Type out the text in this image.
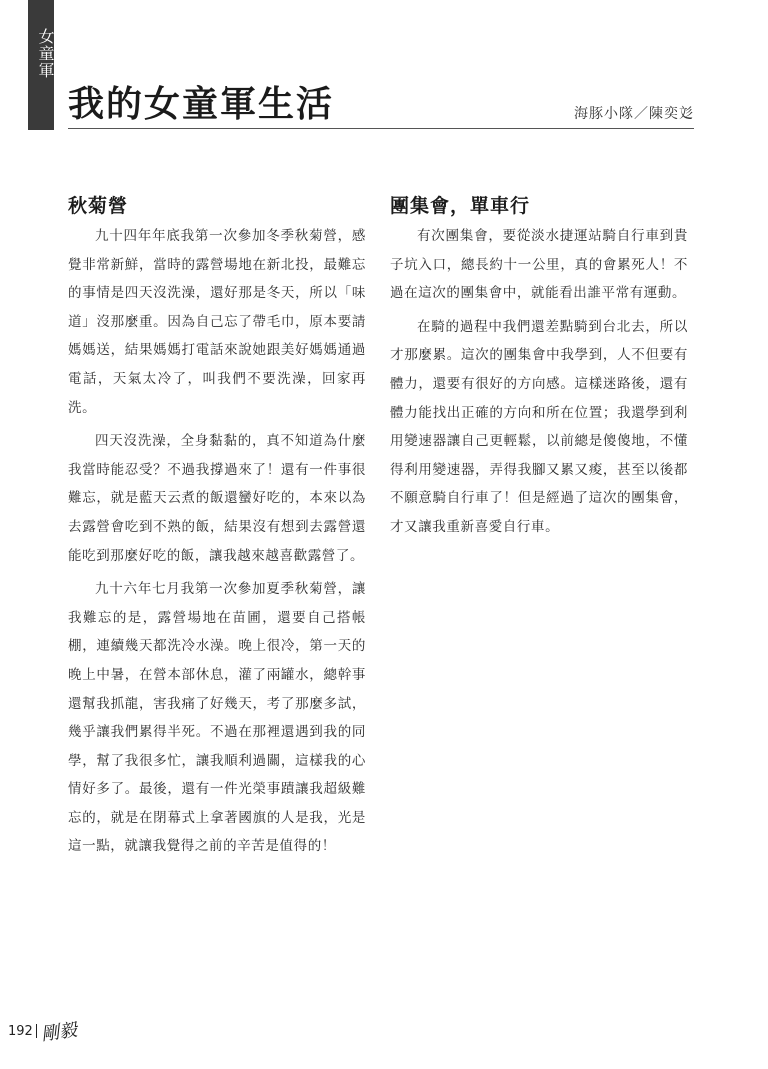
女童軍
我的女童軍生活	海豚小隊／陳奕彣
秋菊營

九十四年年底我第一次參加冬季秋菊營，感覺非常新鮮，當時的露營場地在新北投，最難忘的事情是四天沒洗澡，還好那是冬天，所以「味道」沒那麼重。因為自己忘了帶毛巾，原本要請媽媽送，結果媽媽打電話來說她跟美好媽媽通過電話，天氣太冷了，叫我們不要洗澡，回家再洗。

四天沒洗澡，全身黏黏的，真不知道為什麼我當時能忍受？不過我撐過來了！還有一件事很難忘，就是藍天云煮的飯還蠻好吃的，本來以為去露營會吃到不熟的飯，結果沒有想到去露營還能吃到那麼好吃的飯，讓我越來越喜歡露營了。

九十六年七月我第一次參加夏季秋菊營，讓我難忘的是，露營場地在苗圃，還要自己搭帳棚，連續幾天都洗冷水澡。晚上很冷，第一天的晚上中暑，在營本部休息，灌了兩罐水，總幹事還幫我抓龍，害我痛了好幾天，考了那麼多試，幾乎讓我們累得半死。不過在那裡還遇到我的同學，幫了我很多忙，讓我順利過關，這樣我的心情好多了。最後，還有一件光榮事蹟讓我超級難忘的，就是在閉幕式上拿著國旗的人是我，光是這一點，就讓我覺得之前的辛苦是值得的！

團集會，單車行

有次團集會，要從淡水捷運站騎自行車到貴子坑入口，總長約十一公里，真的會累死人！不過在這次的團集會中，就能看出誰平常有運動。

在騎的過程中我們還差點騎到台北去，所以才那麼累。這次的團集會中我學到，人不但要有體力，還要有很好的方向感。這樣迷路後，還有體力能找出正確的方向和所在位置；我還學到利用變速器讓自己更輕鬆，以前總是傻傻地，不懂得利用變速器，弄得我腳又累又痠，甚至以後都不願意騎自行車了！但是經過了這次的團集會，才又讓我重新喜愛自行車。

192 剛毅
